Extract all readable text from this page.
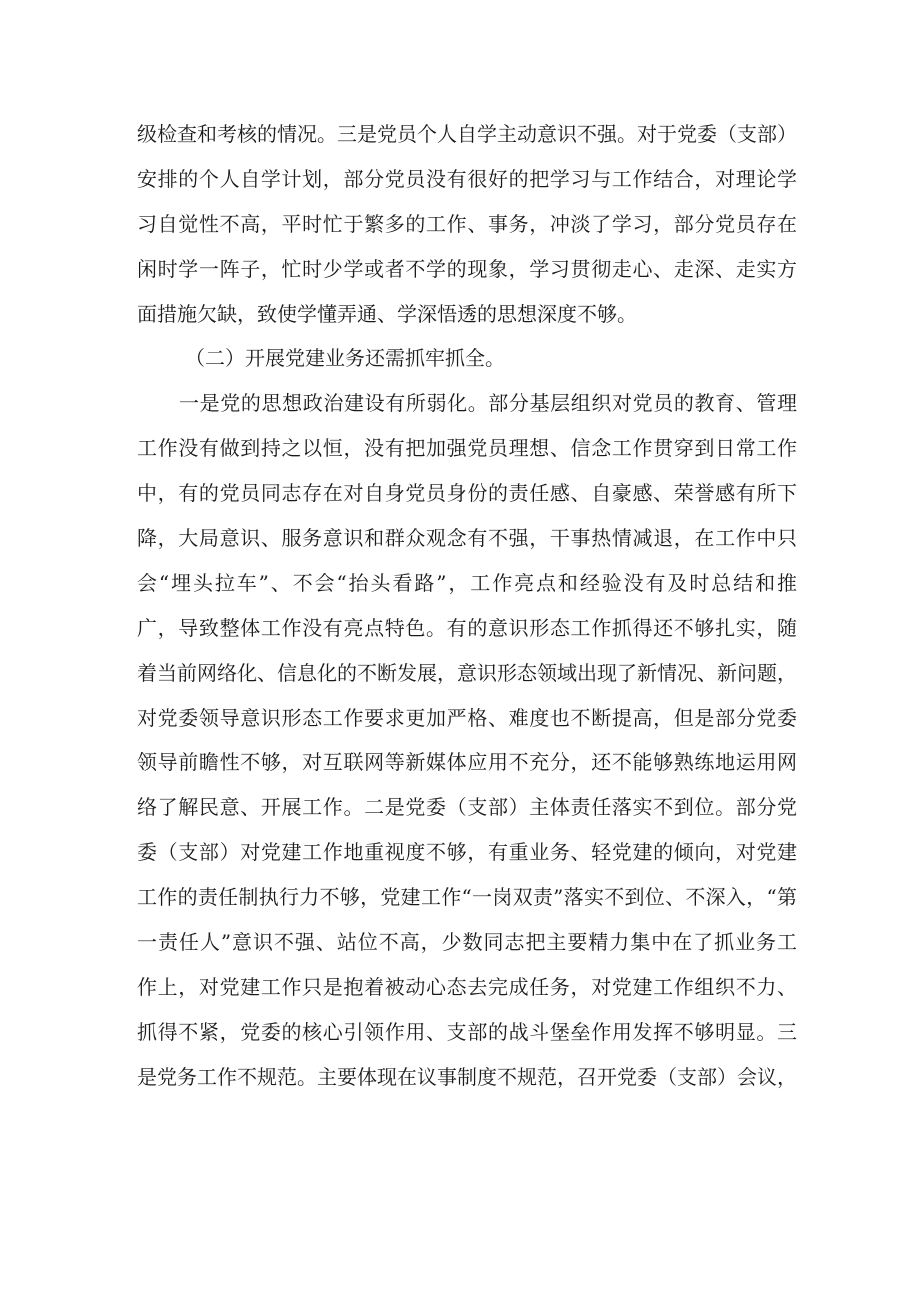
级检查和考核的情况。三是党员个人自学主动意识不强。对于党委（支部）
安排的个人自学计划，部分党员没有很好的把学习与工作结合，对理论学
习自觉性不高，平时忙于繁多的工作、事务，冲淡了学习，部分党员存在
闲时学一阵子，忙时少学或者不学的现象，学习贯彻走心、走深、走实方
面措施欠缺，致使学懂弄通、学深悟透的思想深度不够。
（二）开展党建业务还需抓牢抓全。
一是党的思想政治建设有所弱化。部分基层组织对党员的教育、管理
工作没有做到持之以恒，没有把加强党员理想、信念工作贯穿到日常工作
中，有的党员同志存在对自身党员身份的责任感、自豪感、荣誉感有所下
降，大局意识、服务意识和群众观念有不强，干事热情减退，在工作中只
会“埋头拉车”、不会“抬头看路”，工作亮点和经验没有及时总结和推
广，导致整体工作没有亮点特色。有的意识形态工作抓得还不够扎实，随
着当前网络化、信息化的不断发展，意识形态领域出现了新情况、新问题，
对党委领导意识形态工作要求更加严格、难度也不断提高，但是部分党委
领导前瞻性不够，对互联网等新媒体应用不充分，还不能够熟练地运用网
络了解民意、开展工作。二是党委（支部）主体责任落实不到位。部分党
委（支部）对党建工作地重视度不够，有重业务、轻党建的倾向，对党建
工作的责任制执行力不够，党建工作“一岗双责”落实不到位、不深入，“第
一责任人”意识不强、站位不高，少数同志把主要精力集中在了抓业务工
作上，对党建工作只是抱着被动心态去完成任务，对党建工作组织不力、
抓得不紧，党委的核心引领作用、支部的战斗堡垒作用发挥不够明显。三
是党务工作不规范。主要体现在议事制度不规范，召开党委（支部）会议，
